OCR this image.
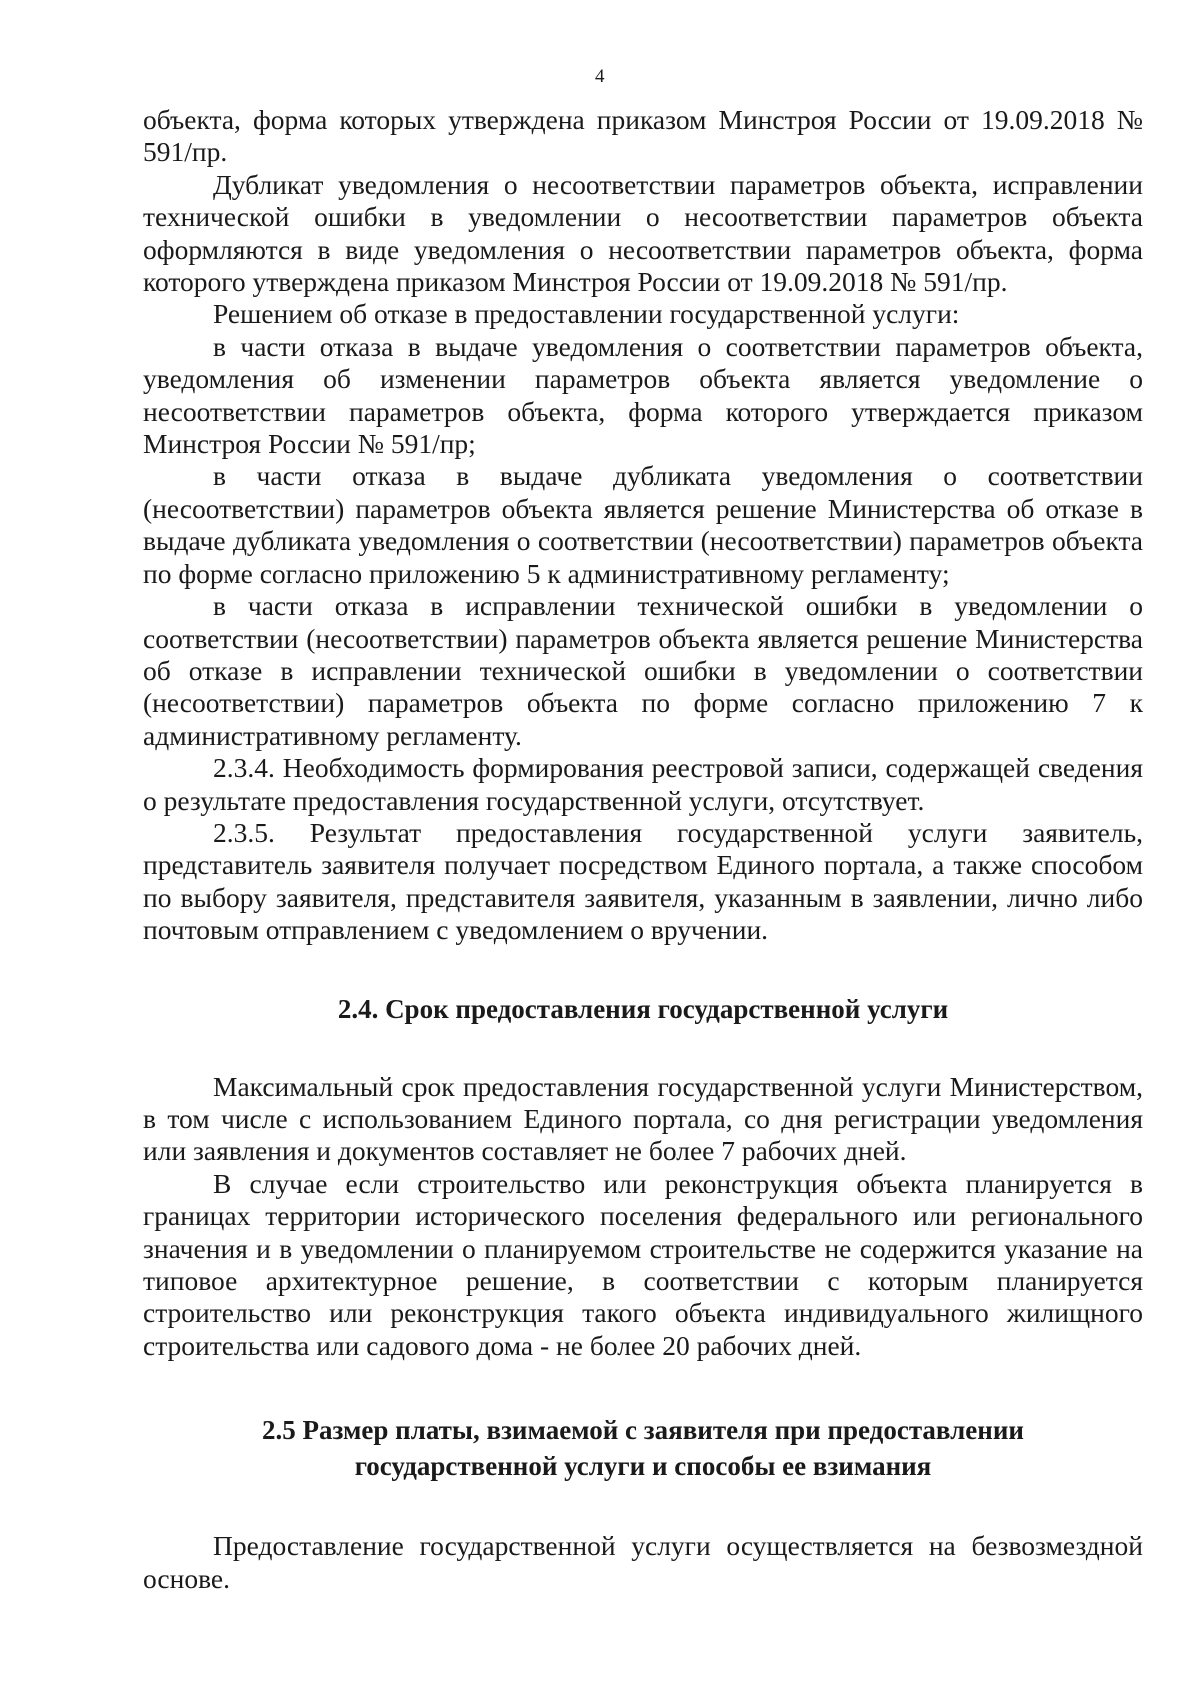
4

объекта, форма которых утверждена приказом Минстроя России от 19.09.2018 № 591/пр.

Дубликат уведомления о несоответствии параметров объекта, исправлении технической ошибки в уведомлении о несоответствии параметров объекта оформляются в виде уведомления о несоответствии параметров объекта, форма которого утверждена приказом Минстроя России от 19.09.2018 № 591/пр.

Решением об отказе в предоставлении государственной услуги:

в части отказа в выдаче уведомления о соответствии параметров объекта, уведомления об изменении параметров объекта является уведомление о несоответствии параметров объекта, форма которого утверждается приказом Минстроя России № 591/пр;

в части отказа в выдаче дубликата уведомления о соответствии (несоответствии) параметров объекта является решение Министерства об отказе в выдаче дубликата уведомления о соответствии (несоответствии) параметров объекта по форме согласно приложению 5 к административному регламенту;

в части отказа в исправлении технической ошибки в уведомлении о соответствии (несоответствии) параметров объекта является решение Министерства об отказе в исправлении технической ошибки в уведомлении о соответствии (несоответствии) параметров объекта по форме согласно приложению 7 к административному регламенту.

2.3.4. Необходимость формирования реестровой записи, содержащей сведения о результате предоставления государственной услуги, отсутствует.

2.3.5. Результат предоставления государственной услуги заявитель, представитель заявителя получает посредством Единого портала, а также способом по выбору заявителя, представителя заявителя, указанным в заявлении, лично либо почтовым отправлением с уведомлением о вручении.

2.4. Срок предоставления государственной услуги

Максимальный срок предоставления государственной услуги Министерством, в том числе с использованием Единого портала, со дня регистрации уведомления или заявления и документов составляет не более 7 рабочих дней.

В случае если строительство или реконструкция объекта планируется в границах территории исторического поселения федерального или регионального значения и в уведомлении о планируемом строительстве не содержится указание на типовое архитектурное решение, в соответствии с которым планируется строительство или реконструкция такого объекта индивидуального жилищного строительства или садового дома - не более 20 рабочих дней.

2.5 Размер платы, взимаемой с заявителя при предоставлении
государственной услуги и способы ее взимания

Предоставление государственной услуги осуществляется на безвозмездной основе.
